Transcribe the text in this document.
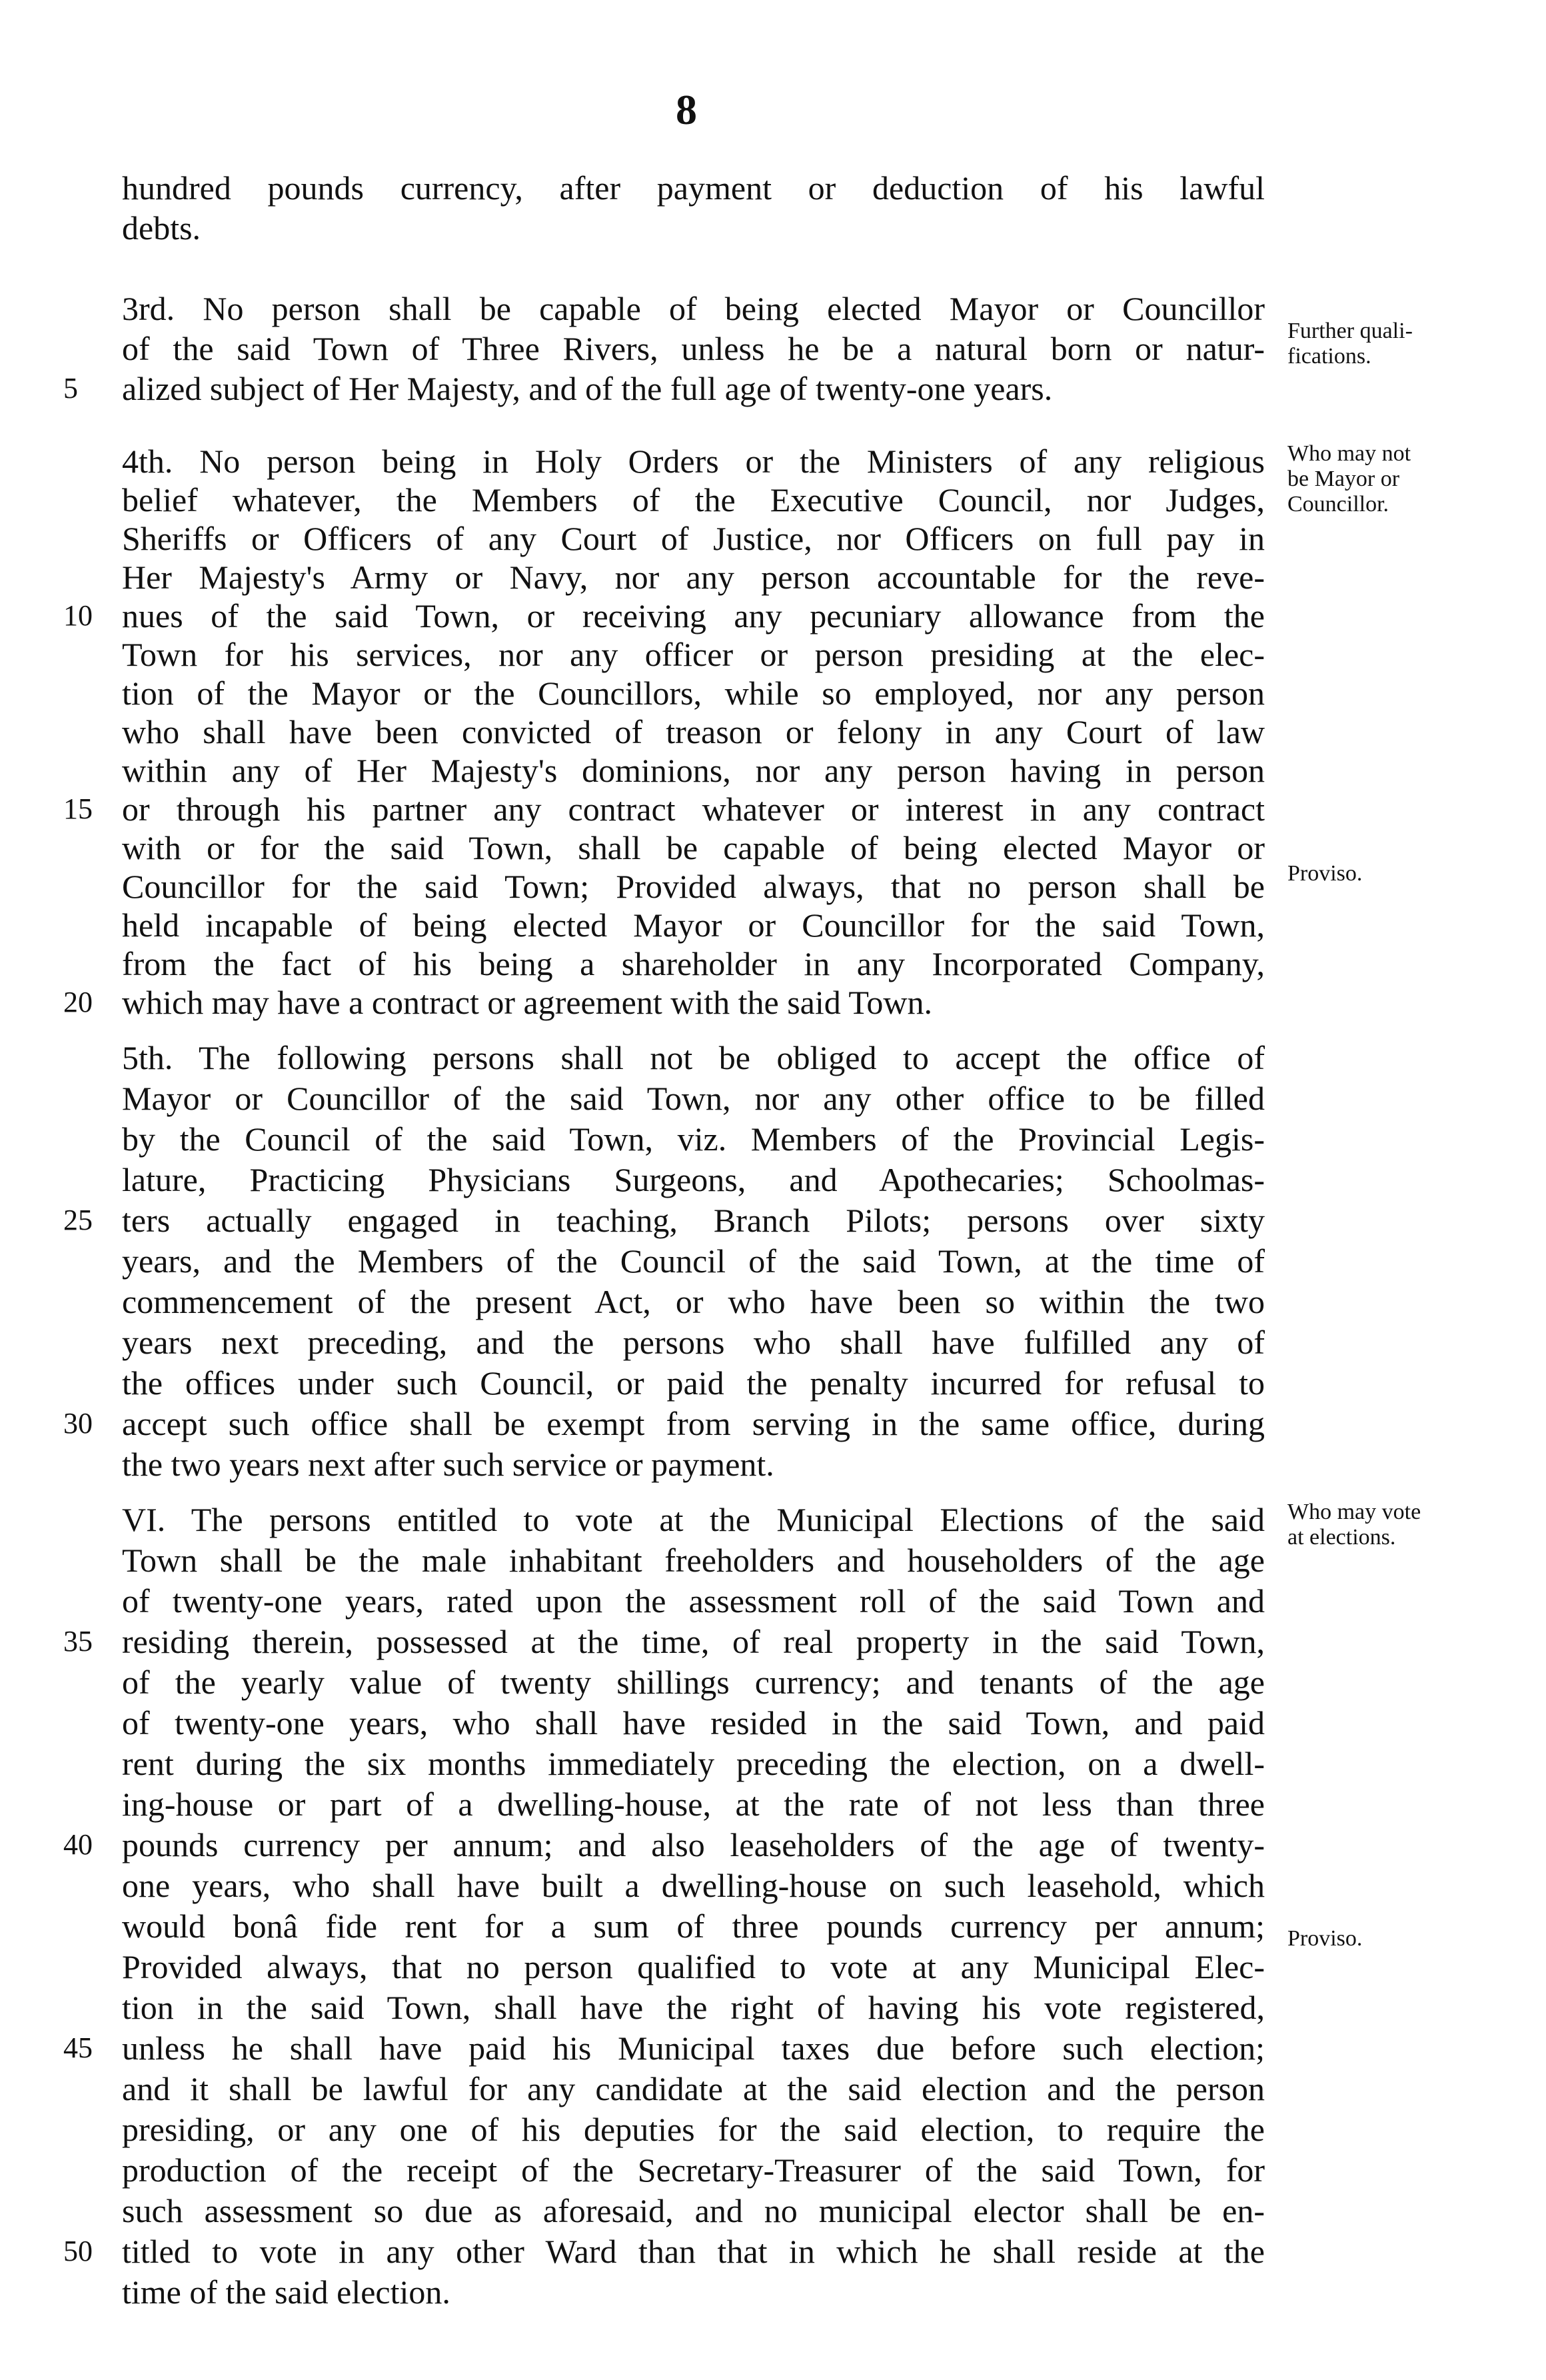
8
hundred pounds currency, after payment or deduction of his lawful
debts.
3rd. No person shall be capable of being elected Mayor or Councillor
of the said Town of Three Rivers, unless he be a natural born or natur-
alized subject of Her Majesty, and of the full age of twenty-one years.
4th. No person being in Holy Orders or the Ministers of any religious
belief whatever, the Members of the Executive Council, nor Judges,
Sheriffs or Officers of any Court of Justice, nor Officers on full pay in
Her Majesty's Army or Navy, nor any person accountable for the reve-
nues of the said Town, or receiving any pecuniary allowance from the
Town for his services, nor any officer or person presiding at the elec-
tion of the Mayor or the Councillors, while so employed, nor any person
who shall have been convicted of treason or felony in any Court of law
within any of Her Majesty's dominions, nor any person having in person
or through his partner any contract whatever or interest in any contract
with or for the said Town, shall be capable of being elected Mayor or
Councillor for the said Town; Provided always, that no person shall be
held incapable of being elected Mayor or Councillor for the said Town,
from the fact of his being a shareholder in any Incorporated Company,
which may have a contract or agreement with the said Town.
5th. The following persons shall not be obliged to accept the office of
Mayor or Councillor of the said Town, nor any other office to be filled
by the Council of the said Town, viz. Members of the Provincial Legis-
lature, Practicing Physicians Surgeons, and Apothecaries; Schoolmas-
ters actually engaged in teaching, Branch Pilots; persons over sixty
years, and the Members of the Council of the said Town, at the time of
commencement of the present Act, or who have been so within the two
years next preceding, and the persons who shall have fulfilled any of
the offices under such Council, or paid the penalty incurred for refusal to
accept such office shall be exempt from serving in the same office, during
the two years next after such service or payment.
VI. The persons entitled to vote at the Municipal Elections of the said
Town shall be the male inhabitant freeholders and householders of the age
of twenty-one years, rated upon the assessment roll of the said Town and
residing therein, possessed at the time, of real property in the said Town,
of the yearly value of twenty shillings currency; and tenants of the age
of twenty-one years, who shall have resided in the said Town, and paid
rent during the six months immediately preceding the election, on a dwell-
ing-house or part of a dwelling-house, at the rate of not less than three
pounds currency per annum; and also leaseholders of the age of twenty-
one years, who shall have built a dwelling-house on such leasehold, which
would bonâ fide rent for a sum of three pounds currency per annum;
Provided always, that no person qualified to vote at any Municipal Elec-
tion in the said Town, shall have the right of having his vote registered,
unless he shall have paid his Municipal taxes due before such election;
and it shall be lawful for any candidate at the said election and the person
presiding, or any one of his deputies for the said election, to require the
production of the receipt of the Secretary-Treasurer of the said Town, for
such assessment so due as aforesaid, and no municipal elector shall be en-
titled to vote in any other Ward than that in which he shall reside at the
time of the said election.
5
10
15
20
25
30
35
40
45
50
Further quali-
fications.
Who may not
be Mayor or
Councillor.
Proviso.
Who may vote
at elections.
Proviso.
